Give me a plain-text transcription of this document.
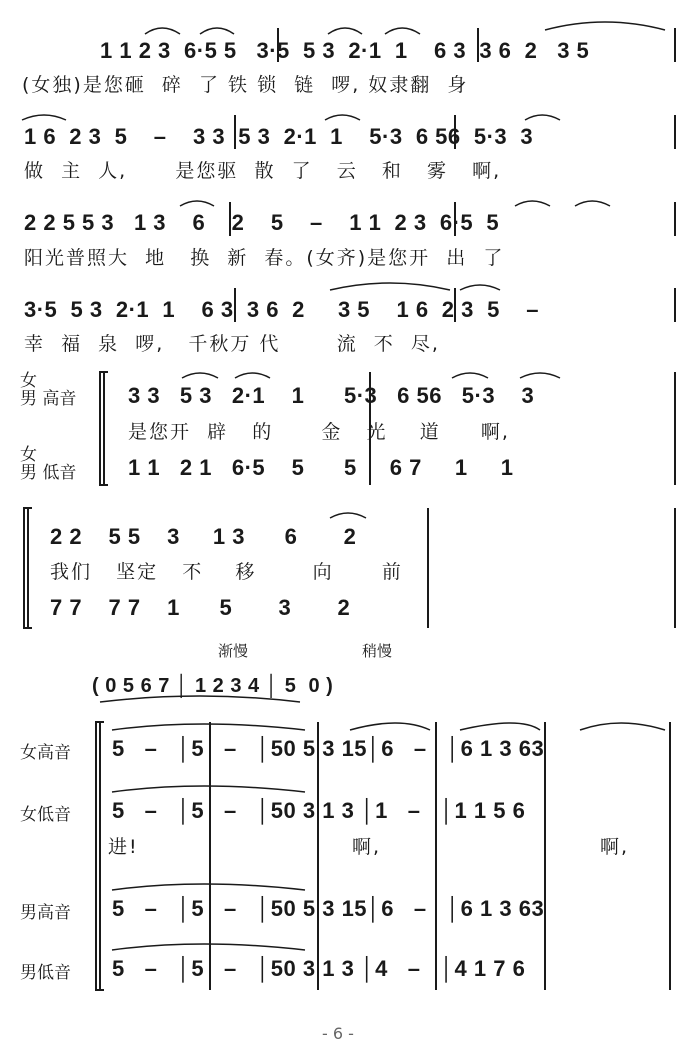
1 1 2 3  6·5 5   3·5  5 3  2·1  1    6 3  3 6  2   3 5
(女独)是您砸  碎  了 铁 锁  链  啰, 奴隶翻  身
1 6  2 3  5    –    3 3  5 3  2·1  1    5·3  6 56  5·3  3
做  主  人,      是您驱  散  了   云   和   雾   啊,
2 2 5 5 3   1 3    6    2    5    –    1 1  2 3  6·5  5
阳光普照大  地   换  新  春。(女齐)是您开  出  了
3·5  5 3  2·1  1    6 3  3 6  2     3 5    1 6  2 3  5    –
幸  福  泉  啰,   千秋万 代       流  不  尽,
女
男 高音 3 3   5 3   2·1    1      5·3   6 56   5·3    3
是您开  辟   的      金   光    道     啊,
女
男 低音 1 1   2 1   6·5    5      5     6 7     1     1
2 2    5 5    3     1 3      6       2
我们   坚定   不    移       向      前
7 7    7 7    1      5       3       2
渐慢	稍慢
( 0 5 6 7 │ 1 2 3 4 │ 5  0 )
女高音 5   –   │5   –   │50 5 3 15│6   –   │6 1 3 63
女低音 5   –   │5   –   │50 3 1 3 │1   –   │1 1 5 6
进!	啊,	啊,
男高音 5   –   │5   –   │50 5 3 15│6   –   │6 1 3 63
男低音 5   –   │5   –   │50 3 1 3 │4   –   │4 1 7 6
- 6 -
